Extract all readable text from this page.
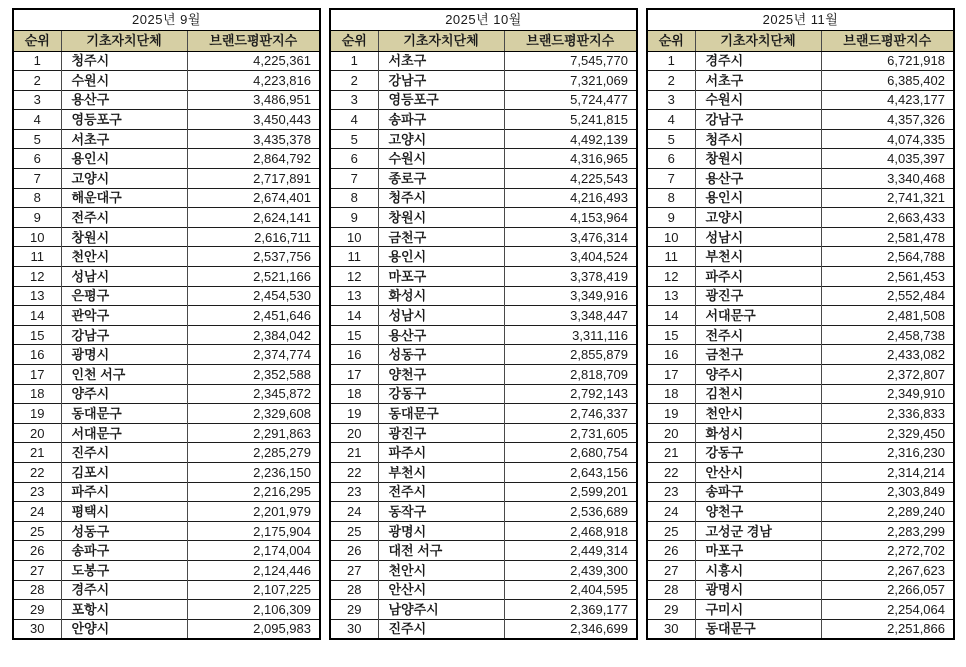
2025년 9월		
순위	기초자치단체	브랜드평판지수
1	청주시	4,225,361
2	수원시	4,223,816
3	용산구	3,486,951
4	영등포구	3,450,443
5	서초구	3,435,378
6	용인시	2,864,792
7	고양시	2,717,891
8	해운대구	2,674,401
9	전주시	2,624,141
10	창원시	2,616,711
11	천안시	2,537,756
12	성남시	2,521,166
13	은평구	2,454,530
14	관악구	2,451,646
15	강남구	2,384,042
16	광명시	2,374,774
17	인천 서구	2,352,588
18	양주시	2,345,872
19	동대문구	2,329,608
20	서대문구	2,291,863
21	진주시	2,285,279
22	김포시	2,236,150
23	파주시	2,216,295
24	평택시	2,201,979
25	성동구	2,175,904
26	송파구	2,174,004
27	도봉구	2,124,446
28	경주시	2,107,225
29	포항시	2,106,309
30	안양시	2,095,983
2025년 10월		
순위	기초자치단체	브랜드평판지수
1	서초구	7,545,770
2	강남구	7,321,069
3	영등포구	5,724,477
4	송파구	5,241,815
5	고양시	4,492,139
6	수원시	4,316,965
7	종로구	4,225,543
8	청주시	4,216,493
9	창원시	4,153,964
10	금천구	3,476,314
11	용인시	3,404,524
12	마포구	3,378,419
13	화성시	3,349,916
14	성남시	3,348,447
15	용산구	3,311,116
16	성동구	2,855,879
17	양천구	2,818,709
18	강동구	2,792,143
19	동대문구	2,746,337
20	광진구	2,731,605
21	파주시	2,680,754
22	부천시	2,643,156
23	전주시	2,599,201
24	동작구	2,536,689
25	광명시	2,468,918
26	대전 서구	2,449,314
27	천안시	2,439,300
28	안산시	2,404,595
29	남양주시	2,369,177
30	진주시	2,346,699
2025년 11월		
순위	기초자치단체	브랜드평판지수
1	경주시	6,721,918
2	서초구	6,385,402
3	수원시	4,423,177
4	강남구	4,357,326
5	청주시	4,074,335
6	창원시	4,035,397
7	용산구	3,340,468
8	용인시	2,741,321
9	고양시	2,663,433
10	성남시	2,581,478
11	부천시	2,564,788
12	파주시	2,561,453
13	광진구	2,552,484
14	서대문구	2,481,508
15	전주시	2,458,738
16	금천구	2,433,082
17	양주시	2,372,807
18	김천시	2,349,910
19	천안시	2,336,833
20	화성시	2,329,450
21	강동구	2,316,230
22	안산시	2,314,214
23	송파구	2,303,849
24	양천구	2,289,240
25	고성군 경남	2,283,299
26	마포구	2,272,702
27	시흥시	2,267,623
28	광명시	2,266,057
29	구미시	2,254,064
30	동대문구	2,251,866
